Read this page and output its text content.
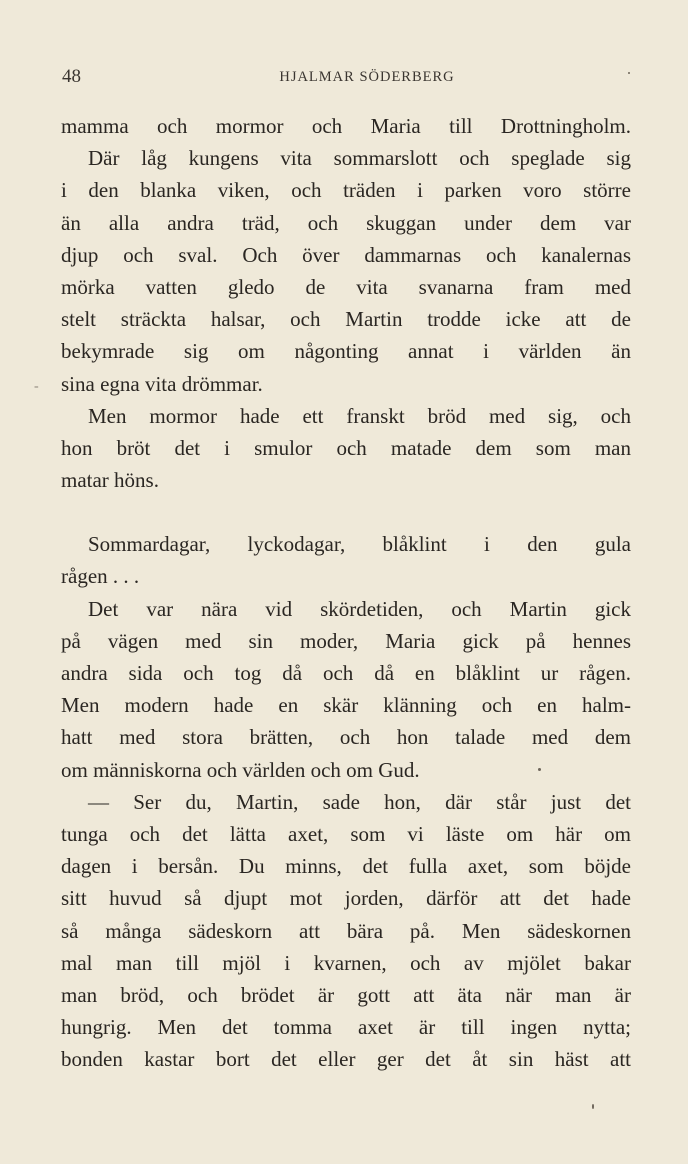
48	HJALMAR SÖDERBERG
-
mamma och mormor och Maria till Drottningholm.
Där låg kungens vita sommarslott och speglade sig
i den blanka viken, och träden i parken voro större
än alla andra träd, och skuggan under dem var
djup och sval. Och över dammarnas och kanalernas
mörka vatten gledo de vita svanarna fram med
stelt sträckta halsar, och Martin trodde icke att de
bekymrade sig om någonting annat i världen än
sina egna vita drömmar.
Men mormor hade ett franskt bröd med sig, och
hon bröt det i smulor och matade dem som man
matar höns.
Sommardagar, lyckodagar, blåklint i den gula
rågen . . .
Det var nära vid skördetiden, och Martin gick
på vägen med sin moder, Maria gick på hennes
andra sida och tog då och då en blåklint ur rågen.
Men modern hade en skär klänning och en halm-
hatt med stora brätten, och hon talade med dem
om människorna och världen och om Gud.
— Ser du, Martin, sade hon, där står just det
tunga och det lätta axet, som vi läste om här om
dagen i bersån. Du minns, det fulla axet, som böjde
sitt huvud så djupt mot jorden, därför att det hade
så många sädeskorn att bära på. Men sädeskornen
mal man till mjöl i kvarnen, och av mjölet bakar
man bröd, och brödet är gott att äta när man är
hungrig. Men det tomma axet är till ingen nytta;
bonden kastar bort det eller ger det åt sin häst att
